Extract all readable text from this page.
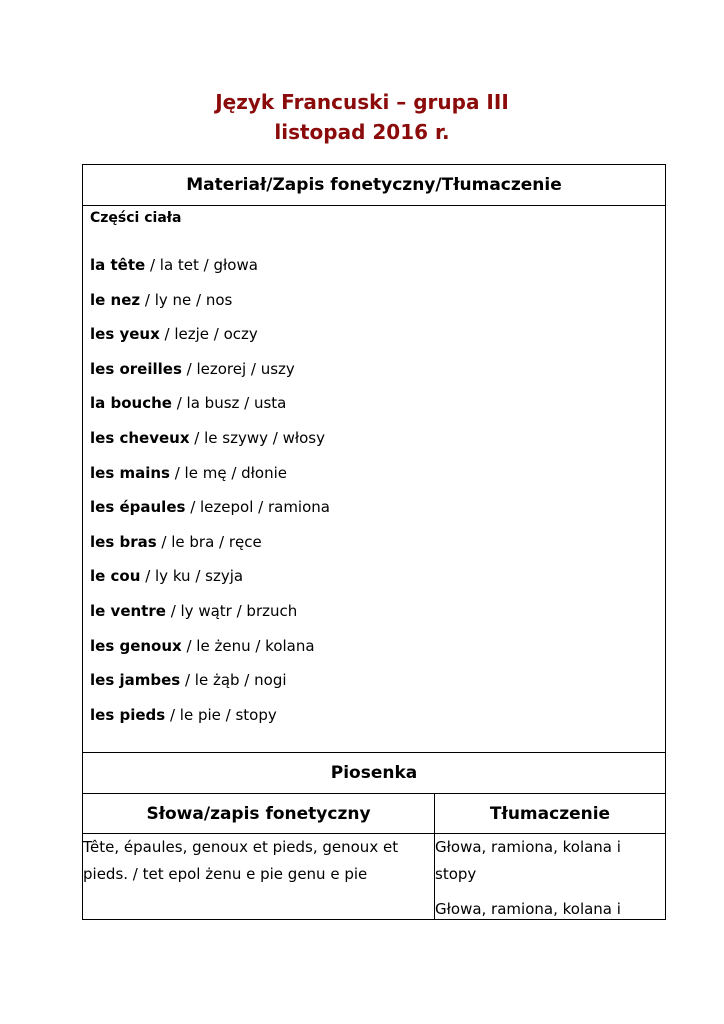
Język Francuski – grupa III
listopad 2016 r.
Materiał/Zapis fonetyczny/Tłumaczenie
Części ciała
la tête / la tet / głowa
le nez / ly ne / nos
les yeux / lezje / oczy
les oreilles / lezorej / uszy
la bouche / la busz / usta
les cheveux / le szywy / włosy
les mains / le mę / dłonie
les épaules / lezepol / ramiona
les bras / le bra / ręce
le cou / ly ku / szyja
le ventre / ly wątr / brzuch
les genoux / le żenu / kolana
les jambes / le żąb / nogi
les pieds / le pie / stopy
Piosenka
Słowa/zapis fonetyczny	Tłumaczenie
Tête, épaules, genoux et pieds, genoux et pieds. / tet epol żenu e pie genu e pie
Głowa, ramiona, kolana i stopy
Głowa, ramiona, kolana i
